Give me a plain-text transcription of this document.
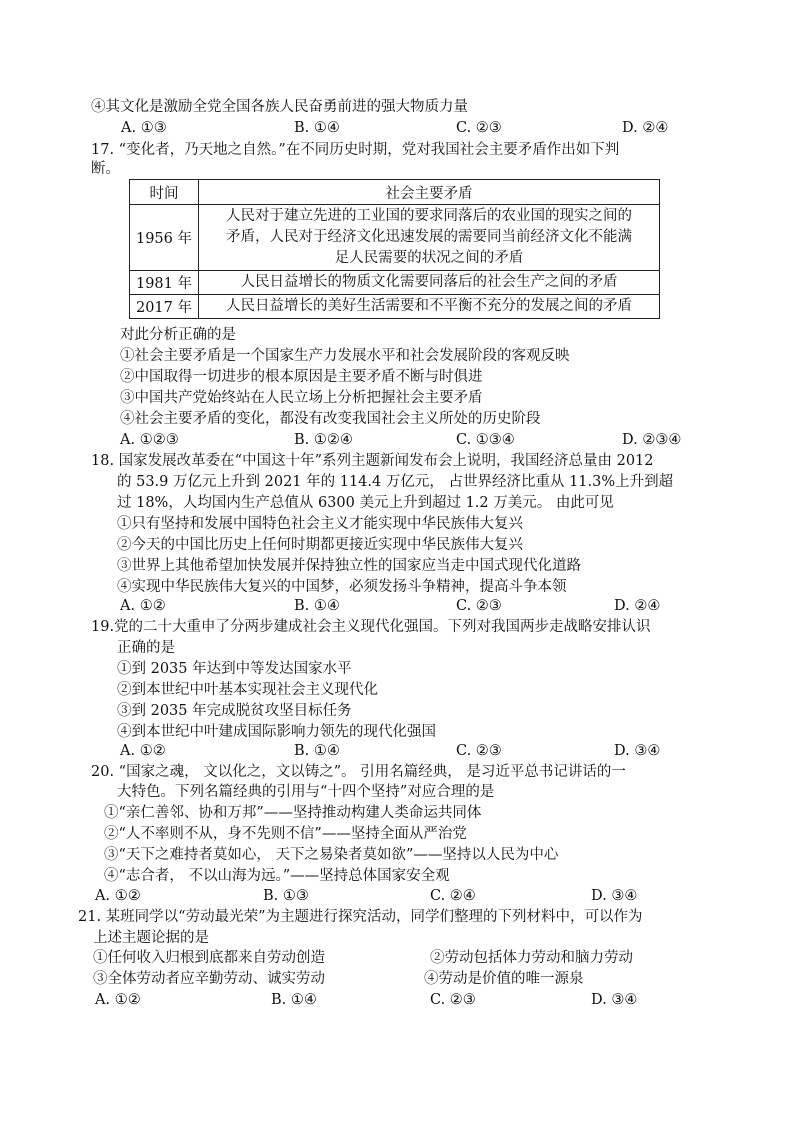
④其文化是激励全党全国各族人民奋勇前进的强大物质力量
A. ①③	B. ①④	C. ②③	D. ②④
17. “变化者，乃天地之自然。”在不同历史时期，党对我国社会主要矛盾作出如下判
断。
时间	社会主要矛盾
1956 年	人民对于建立先进的工业国的要求同落后的农业国的现实之间的
矛盾，人民对于经济文化迅速发展的需要同当前经济文化不能满
足人民需要的状况之间的矛盾

1981 年	人民日益增长的物质文化需要同落后的社会生产之间的矛盾

2017 年	人民日益增长的美好生活需要和不平衡不充分的发展之间的矛盾
对此分析正确的是
①社会主要矛盾是一个国家生产力发展水平和社会发展阶段的客观反映
②中国取得一切进步的根本原因是主要矛盾不断与时俱进
③中国共产党始终站在人民立场上分析把握社会主要矛盾
④社会主要矛盾的变化，都没有改变我国社会主义所处的历史阶段
A. ①②③	B. ①②④	C. ①③④	D. ②③④
18. 国家发展改革委在“中国这十年”系列主题新闻发布会上说明，我国经济总量由 2012
的 53.9 万亿元上升到 2021 年的 114.4 万亿元， 占世界经济比重从 11.3%上升到超
过 18%，人均国内生产总值从 6300 美元上升到超过 1.2 万美元。 由此可见
①只有坚持和发展中国特色社会主义才能实现中华民族伟大复兴
②今天的中国比历史上任何时期都更接近实现中华民族伟大复兴
③世界上其他希望加快发展并保持独立性的国家应当走中国式现代化道路
④实现中华民族伟大复兴的中国梦，必须发扬斗争精神，提高斗争本领
A. ①②	B. ①④	C. ②③	D. ②④
19.党的二十大重申了分两步建成社会主义现代化强国。下列对我国两步走战略安排认识
正确的是
①到 2035 年达到中等发达国家水平
②到本世纪中叶基本实现社会主义现代化
③到 2035 年完成脱贫攻坚目标任务
④到本世纪中叶建成国际影响力领先的现代化强国
A. ①②	B. ①④	C. ②③	D. ③④
20. “国家之魂， 文以化之，文以铸之”。 引用名篇经典， 是习近平总书记讲话的一
大特色。下列名篇经典的引用与“十四个坚持”对应合理的是
①“亲仁善邻、协和万邦”——坚持推动构建人类命运共同体
②“人不率则不从，身不先则不信”——坚持全面从严治党
③“天下之难持者莫如心， 天下之易染者莫如欲”——坚持以人民为中心
④“志合者， 不以山海为远。”——坚持总体国家安全观
A. ①②	B. ①③	C. ②④	D. ③④
21. 某班同学以“劳动最光荣”为主题进行探究活动，同学们整理的下列材料中，可以作为
上述主题论据的是
①任何收入归根到底都来自劳动创造	②劳动包括体力劳动和脑力劳动
③全体劳动者应辛勤劳动、诚实劳动	④劳动是价值的唯一源泉
A. ①②	B. ①④	C. ②③	D. ③④
